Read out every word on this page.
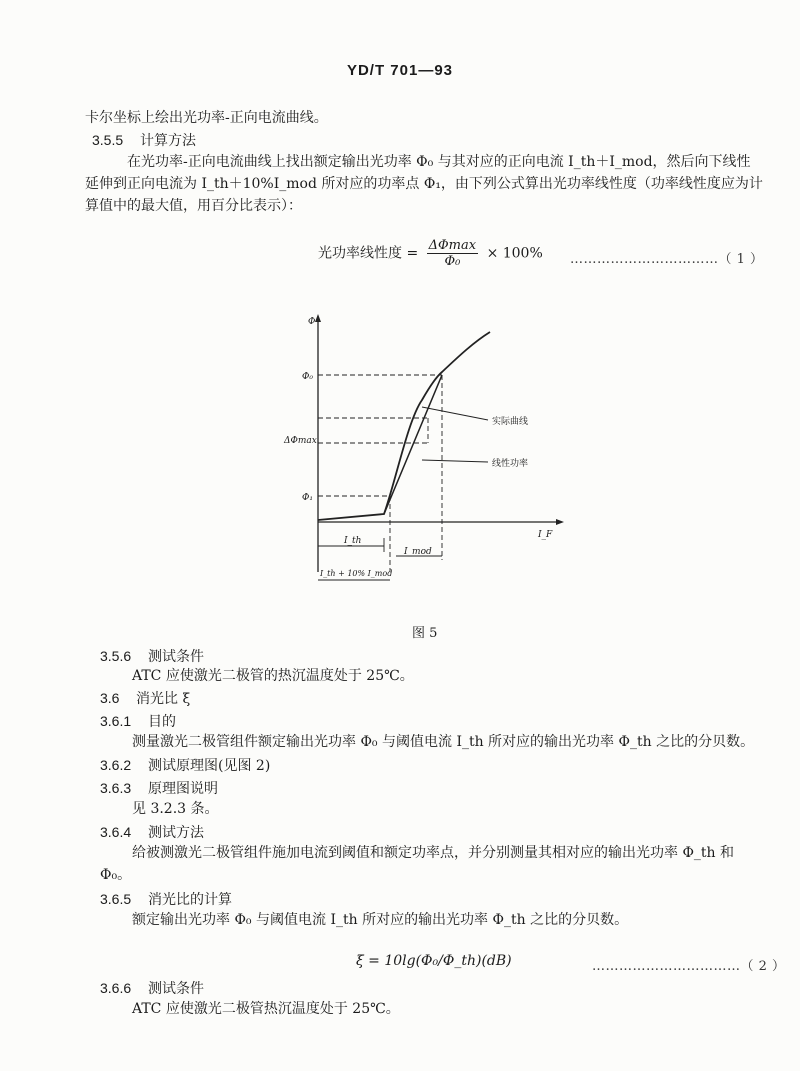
YD/T 701—93
卡尔坐标上绘出光功率-正向电流曲线。
3.5.5 计算方法
在光功率-正向电流曲线上找出额定输出光功率 Φ₀ 与其对应的正向电流 I_th＋I_mod，然后向下线性
延伸到正向电流为 I_th＋10%I_mod 所对应的功率点 Φ₁，由下列公式算出光功率线性度（功率线性度应为计
算值中的最大值，用百分比表示）：
光功率线性度 = $\frac{\Delta\Phi\max}{\text{Φ₀}} \times 100\%$ ……………………………（ 1 ）
Φ
I_F
Φ₀
ΔΦmax
Φ₁
实际曲线
线性功率
I_th
I_mod
I_th + 10% I_mod
图 5
3.5.6 测试条件
ATC 应使激光二极管的热沉温度处于 25℃。
3.6 消光比 ξ
3.6.1 目的
测量激光二极管组件额定输出光功率 Φ₀ 与阈值电流 I_th 所对应的输出光功率 Φ_th 之比的分贝数。
3.6.2 测试原理图(见图 2)
3.6.3 原理图说明
见 3.2.3 条。
3.6.4 测试方法
给被测激光二极管组件施加电流到阈值和额定功率点，并分别测量其相对应的输出光功率 Φ_th 和
Φ₀。
3.6.5 消光比的计算
额定输出光功率 Φ₀ 与阈值电流 I_th 所对应的输出光功率 Φ_th 之比的分贝数。
ξ = 10lg(Φ₀/Φ_th)(dB)	……………………………（ 2 ）
3.6.6 测试条件
ATC 应使激光二极管热沉温度处于 25℃。
